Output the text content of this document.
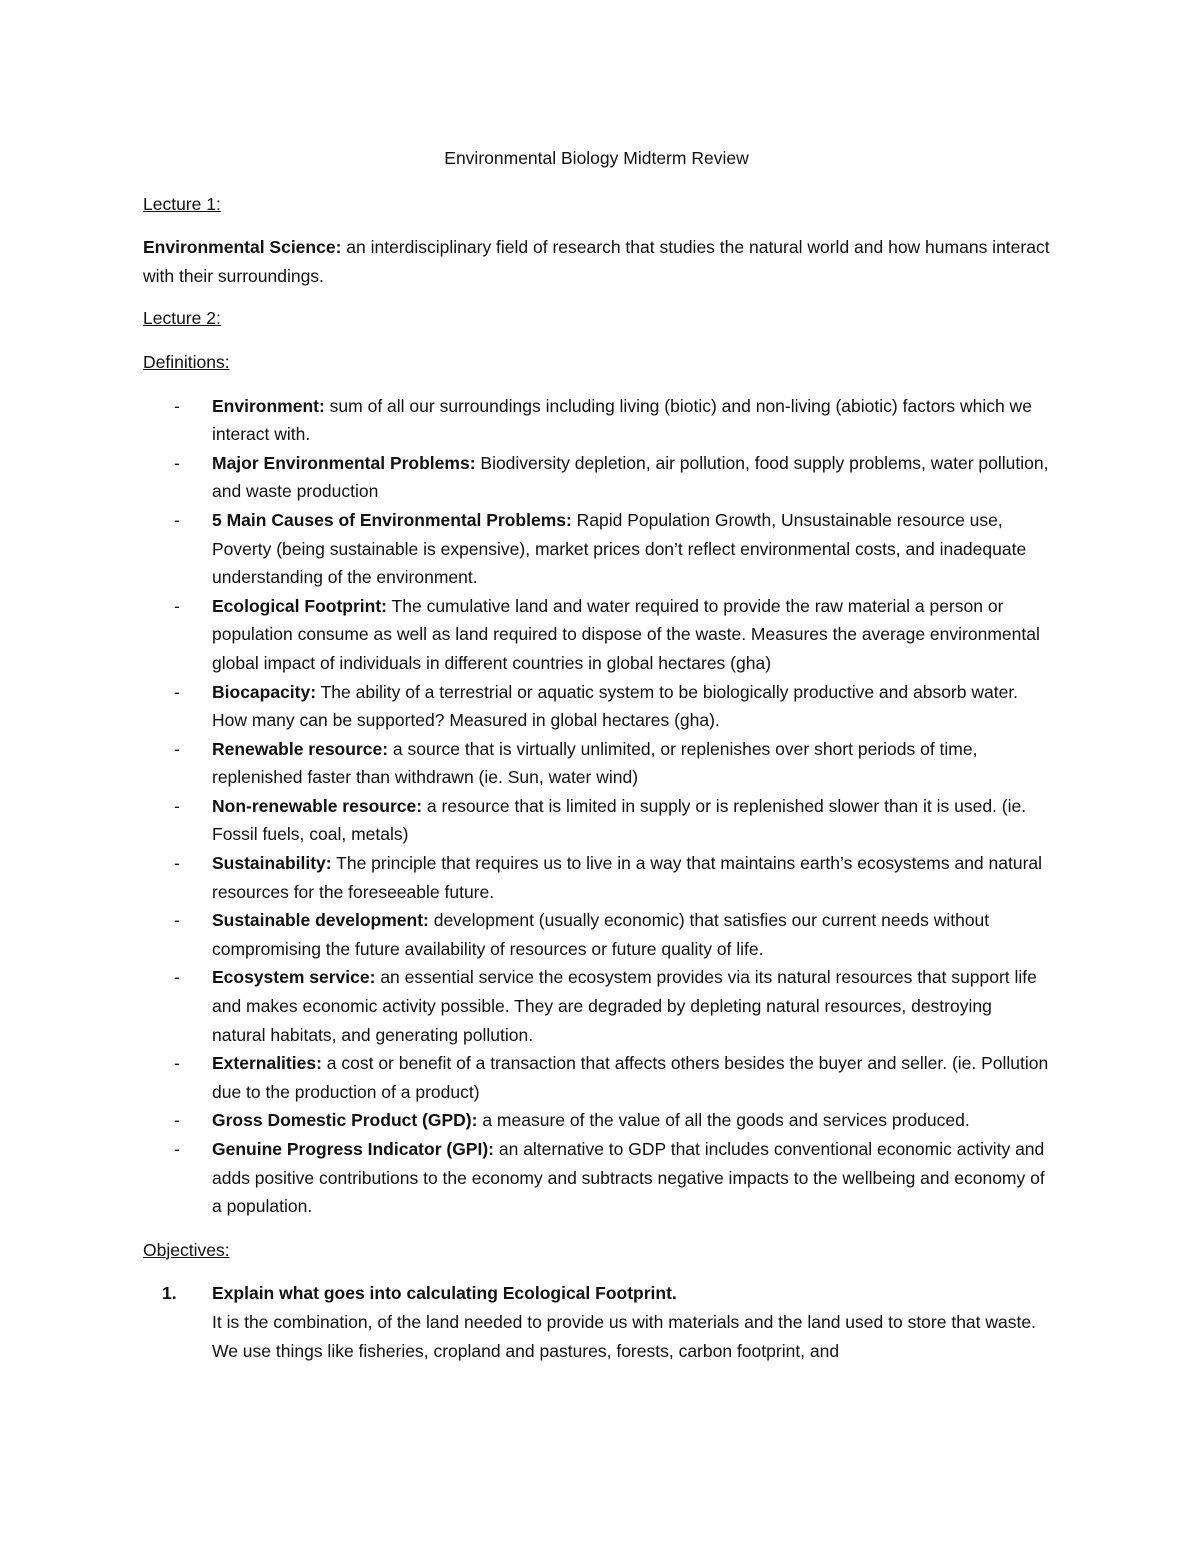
Environmental Biology Midterm Review
Lecture 1:
Environmental Science: an interdisciplinary field of research that studies the natural world and how humans interact with their surroundings.
Lecture 2:
Definitions:
- Environment: sum of all our surroundings including living (biotic) and non-living (abiotic) factors which we interact with.
- Major Environmental Problems: Biodiversity depletion, air pollution, food supply problems, water pollution, and waste production
- 5 Main Causes of Environmental Problems: Rapid Population Growth, Unsustainable resource use, Poverty (being sustainable is expensive), market prices don’t reflect environmental costs, and inadequate understanding of the environment.
- Ecological Footprint: The cumulative land and water required to provide the raw material a person or population consume as well as land required to dispose of the waste. Measures the average environmental global impact of individuals in different countries in global hectares (gha)
- Biocapacity: The ability of a terrestrial or aquatic system to be biologically productive and absorb water. How many can be supported? Measured in global hectares (gha).
- Renewable resource: a source that is virtually unlimited, or replenishes over short periods of time, replenished faster than withdrawn (ie. Sun, water wind)
- Non-renewable resource: a resource that is limited in supply or is replenished slower than it is used. (ie. Fossil fuels, coal, metals)
- Sustainability: The principle that requires us to live in a way that maintains earth’s ecosystems and natural resources for the foreseeable future.
- Sustainable development: development (usually economic) that satisfies our current needs without compromising the future availability of resources or future quality of life.
- Ecosystem service: an essential service the ecosystem provides via its natural resources that support life and makes economic activity possible. They are degraded by depleting natural resources, destroying natural habitats, and generating pollution.
- Externalities: a cost or benefit of a transaction that affects others besides the buyer and seller. (ie. Pollution due to the production of a product)
- Gross Domestic Product (GPD): a measure of the value of all the goods and services produced.
- Genuine Progress Indicator (GPI): an alternative to GDP that includes conventional economic activity and adds positive contributions to the economy and subtracts negative impacts to the wellbeing and economy of a population.
Objectives:
1. Explain what goes into calculating Ecological Footprint.
It is the combination, of the land needed to provide us with materials and the land used to store that waste. We use things like fisheries, cropland and pastures, forests, carbon footprint, and
